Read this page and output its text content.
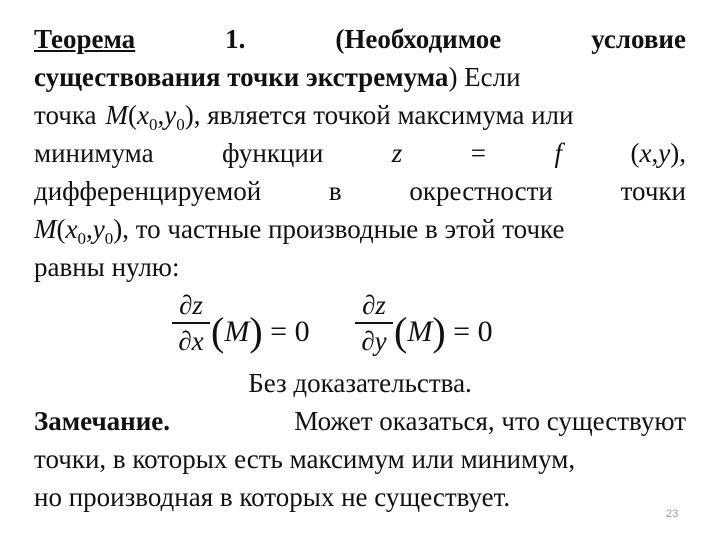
Теорема	1.	(Необходимое	условие
существования точки экстремума) Если
точка $M(x_0,y_0)$, является точкой максимума или
минимума	функции	z	=	f	(x,y),
дифференцируемой	в	окрестности	точки
$M(x_0,y_0)$, то частные производные в этой точке
равны нулю:
∂z
∂x (M) = 0
∂z
∂y (M) = 0
Без доказательства.
Замечание.	Может оказаться, что существуют
точки, в которых есть максимум или минимум,
но производная в которых не существует.
23
